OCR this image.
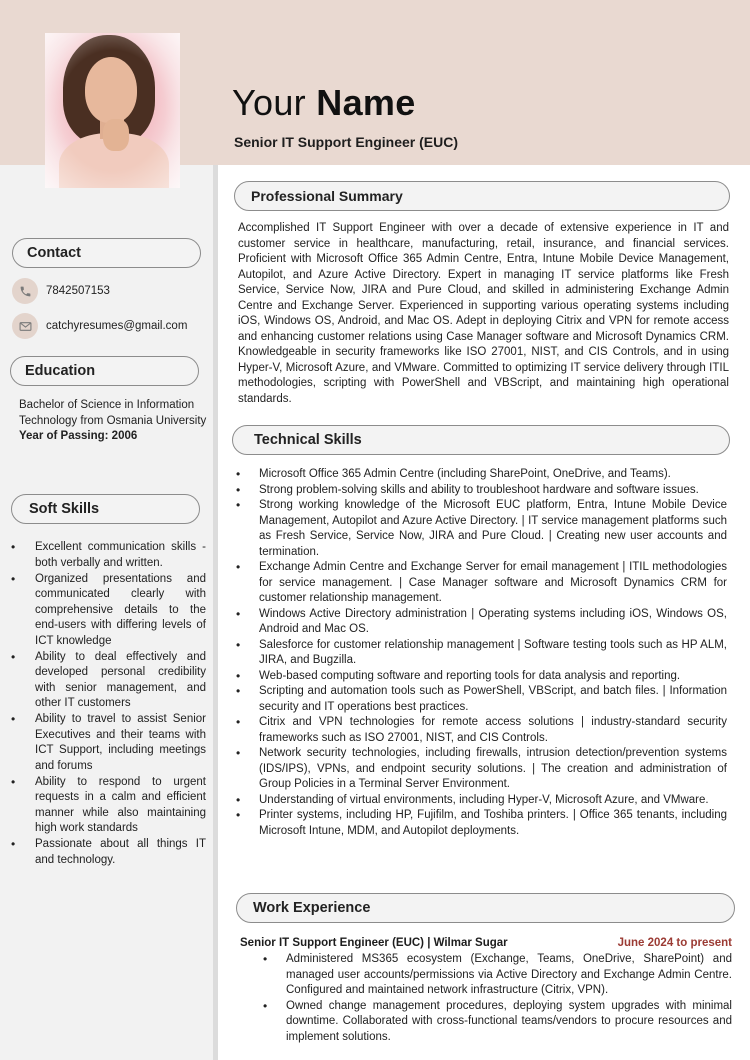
Your Name
Senior IT Support Engineer (EUC)
Contact
7842507153
catchyresumes@gmail.com
Education
Bachelor of Science in Information Technology from Osmania University
Year of Passing: 2006
Soft Skills
• Excellent communication skills - both verbally and written.
• Organized presentations and communicated clearly with comprehensive details to the end-users with differing levels of ICT knowledge
• Ability to deal effectively and developed personal credibility with senior management, and other IT customers
• Ability to travel to assist Senior Executives and their teams with ICT Support, including meetings and forums
• Ability to respond to urgent requests in a calm and efficient manner while also maintaining high work standards
• Passionate about all things IT and technology.
Professional Summary
Accomplished IT Support Engineer with over a decade of extensive experience in IT and customer service in healthcare, manufacturing, retail, insurance, and financial services. Proficient with Microsoft Office 365 Admin Centre, Entra, Intune Mobile Device Management, Autopilot, and Azure Active Directory. Expert in managing IT service platforms like Fresh Service, Service Now, JIRA and Pure Cloud, and skilled in administering Exchange Admin Centre and Exchange Server. Experienced in supporting various operating systems including iOS, Windows OS, Android, and Mac OS. Adept in deploying Citrix and VPN for remote access and enhancing customer relations using Case Manager software and Microsoft Dynamics CRM. Knowledgeable in security frameworks like ISO 27001, NIST, and CIS Controls, and in using Hyper-V, Microsoft Azure, and VMware. Committed to optimizing IT service delivery through ITIL methodologies, scripting with PowerShell and VBScript, and maintaining high operational standards.
Technical Skills
• Microsoft Office 365 Admin Centre (including SharePoint, OneDrive, and Teams).
• Strong problem-solving skills and ability to troubleshoot hardware and software issues.
• Strong working knowledge of the Microsoft EUC platform, Entra, Intune Mobile Device Management, Autopilot and Azure Active Directory. | IT service management platforms such as Fresh Service, Service Now, JIRA and Pure Cloud. | Creating new user accounts and termination.
• Exchange Admin Centre and Exchange Server for email management | ITIL methodologies for service management. | Case Manager software and Microsoft Dynamics CRM for customer relationship management.
• Windows Active Directory administration | Operating systems including iOS, Windows OS, Android and Mac OS.
• Salesforce for customer relationship management | Software testing tools such as HP ALM, JIRA, and Bugzilla.
• Web-based computing software and reporting tools for data analysis and reporting.
• Scripting and automation tools such as PowerShell, VBScript, and batch files. | Information security and IT operations best practices.
• Citrix and VPN technologies for remote access solutions | industry-standard security frameworks such as ISO 27001, NIST, and CIS Controls.
• Network security technologies, including firewalls, intrusion detection/prevention systems (IDS/IPS), VPNs, and endpoint security solutions. | The creation and administration of Group Policies in a Terminal Server Environment.
• Understanding of virtual environments, including Hyper-V, Microsoft Azure, and VMware.
• Printer systems, including HP, Fujifilm, and Toshiba printers. | Office 365 tenants, including Microsoft Intune, MDM, and Autopilot deployments.
Work Experience
Senior IT Support Engineer (EUC) | Wilmar Sugar	June 2024 to present
• Administered MS365 ecosystem (Exchange, Teams, OneDrive, SharePoint) and managed user accounts/permissions via Active Directory and Exchange Admin Centre. Configured and maintained network infrastructure (Citrix, VPN).
• Owned change management procedures, deploying system upgrades with minimal downtime. Collaborated with cross-functional teams/vendors to procure resources and implement solutions.
